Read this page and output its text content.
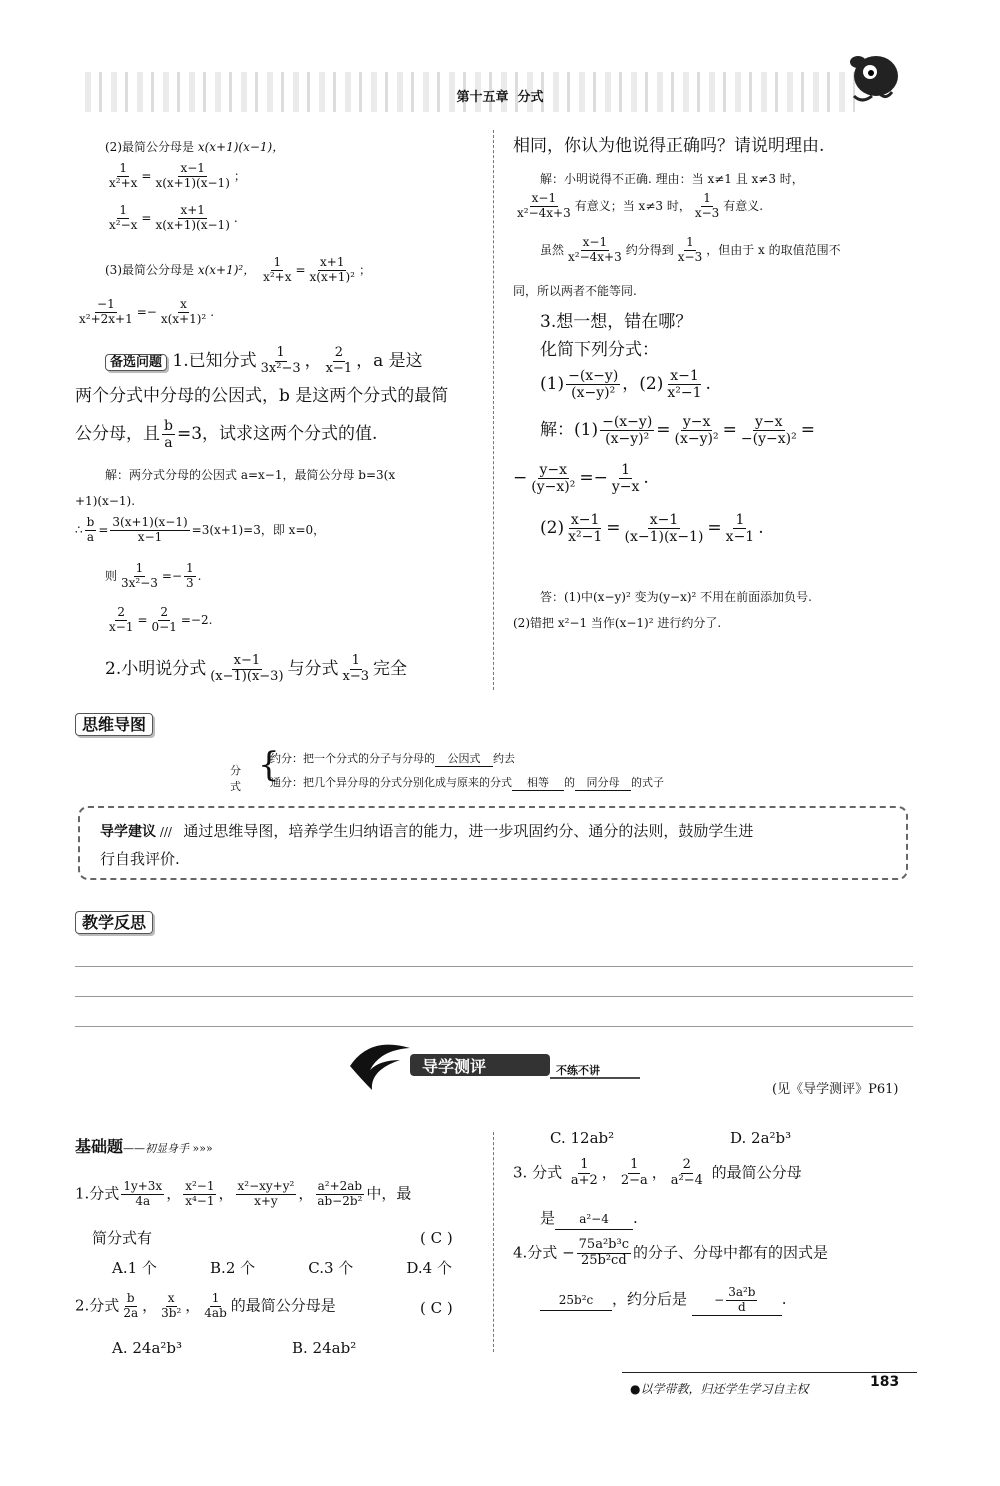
第十五章 分式
(2)最简公分母是 x(x+1)(x−1)，
$\frac{1}{\text{x²+x}} = \frac{x-1}{x(x+1)(x-1)}$ ；
$\frac{1}{\text{x²−x}} = \frac{x+1}{x(x+1)(x-1)}$ .
(3)最简公分母是 x(x+1)²， $\frac{1}{\text{x²+x}} = \frac{x+1}{\text{x(x+1)²}}$ ；
$\frac{-1}{\text{x²+2x+1}} =- \frac{x}{\text{x(x+1)²}}$ .
备选问题 1.已知分式 $\frac{1}{\text{3x²−3}}$ ， $\frac{2}{x-1}$ ，a 是这
两个分式中分母的公因式，b 是这两个分式的最简
公分母，且 $\frac{b}{a} =3$，试求这两个分式的值.
解：两分式分母的公因式 a=x−1，最简公分母 b=3(x
+1)(x−1).
∴ $\frac{b}{a} = \frac{3(x+1)(x-1)}{x-1} =3(x+1)=3$，即 x=0，
则 $\frac{1}{\text{3x²−3}} =- \frac{1}{3}$ .
$\frac{2}{x-1} = \frac{2}{0-1} =-2$.
2.小明说分式 $\frac{x-1}{(x-1)(x-3)}$ 与分式 $\frac{1}{x-3}$ 完全
相同，你认为他说得正确吗？请说明理由.
解：小明说得不正确. 理由：当 x≠1 且 x≠3 时，
$\frac{x-1}{\text{x²−4x+3}}$ 有意义；当 x≠3 时， $\frac{1}{x-3}$ 有意义.
虽然 $\frac{x-1}{\text{x²−4x+3}}$ 约分得到 $\frac{1}{x-3}$ ，但由于 x 的取值范围不
同，所以两者不能等同.
3.想一想，错在哪？
化简下列分式：
$(1) \frac{-(x-y)}{\text{(x−y)²}}$ ，$(2) \frac{x-1}{\text{x²−1}}$ .
解：$(1) \frac{-(x-y)}{\text{(x−y)²}} = \frac{y-x}{\text{(x−y)²}} = \frac{y-x}{\text{−(y−x)²}}$ =
− $\frac{y-x}{\text{(y−x)²}} =- \frac{1}{y-x}$ .
$(2) \frac{x-1}{\text{x²−1}} = \frac{x-1}{(x-1)(x-1)} = \frac{1}{x-1}$ .
答：(1)中(x−y)² 变为(y−x)² 不用在前面添加负号.
(2)错把 x²−1 当作(x−1)² 进行约分了.
思维导图
分式
{
约分：把一个分式的分子与分母的 公因式 约去
通分：把几个异分母的分式分别化成与原来的分式 相等 的 同分母 的式子
导学建议 ///   通过思维导图，培养学生归纳语言的能力，进一步巩固约分、通分的法则，鼓励学生进
行自我评价.
教学反思
导学测评	不练不讲
(见《导学测评》P61)
基础题——初显身手 »»»
1.分式 $\frac{1y+3x}{4a}$ ， $\frac{\text{x²−1}}{\text{x⁴−1}}$ ， $\frac{\text{x²−xy+y²}}{x+y}$ ， $\frac{\text{a²+2ab}}{\text{ab−2b²}}$ 中，最
简分式有	( C )
A.1 个	B.2 个	C.3 个	D.4 个
2.分式 $\frac{b}{2a}$ ， $\frac{x}{\text{3b²}}$ ， $\frac{1}{4ab}$ 的最简公分母是	( C )
A. 24a²b³	B. 24ab²
C. 12ab²	D. 2a²b³
3. 分式 $\frac{1}{a+2}$ ， $\frac{1}{2-a}$ ， $\frac{2}{\text{a²−4}}$ 的最简公分母
是 a²−4 .
4.分式 − $\frac{\text{75a²b³c}}{\text{25b²cd}}$ 的分子、分母中都有的因式是
25b²c ，约分后是 − $\frac{\text{3a²b}}{d}$ .
●以学带教，归还学生学习自主权	183
